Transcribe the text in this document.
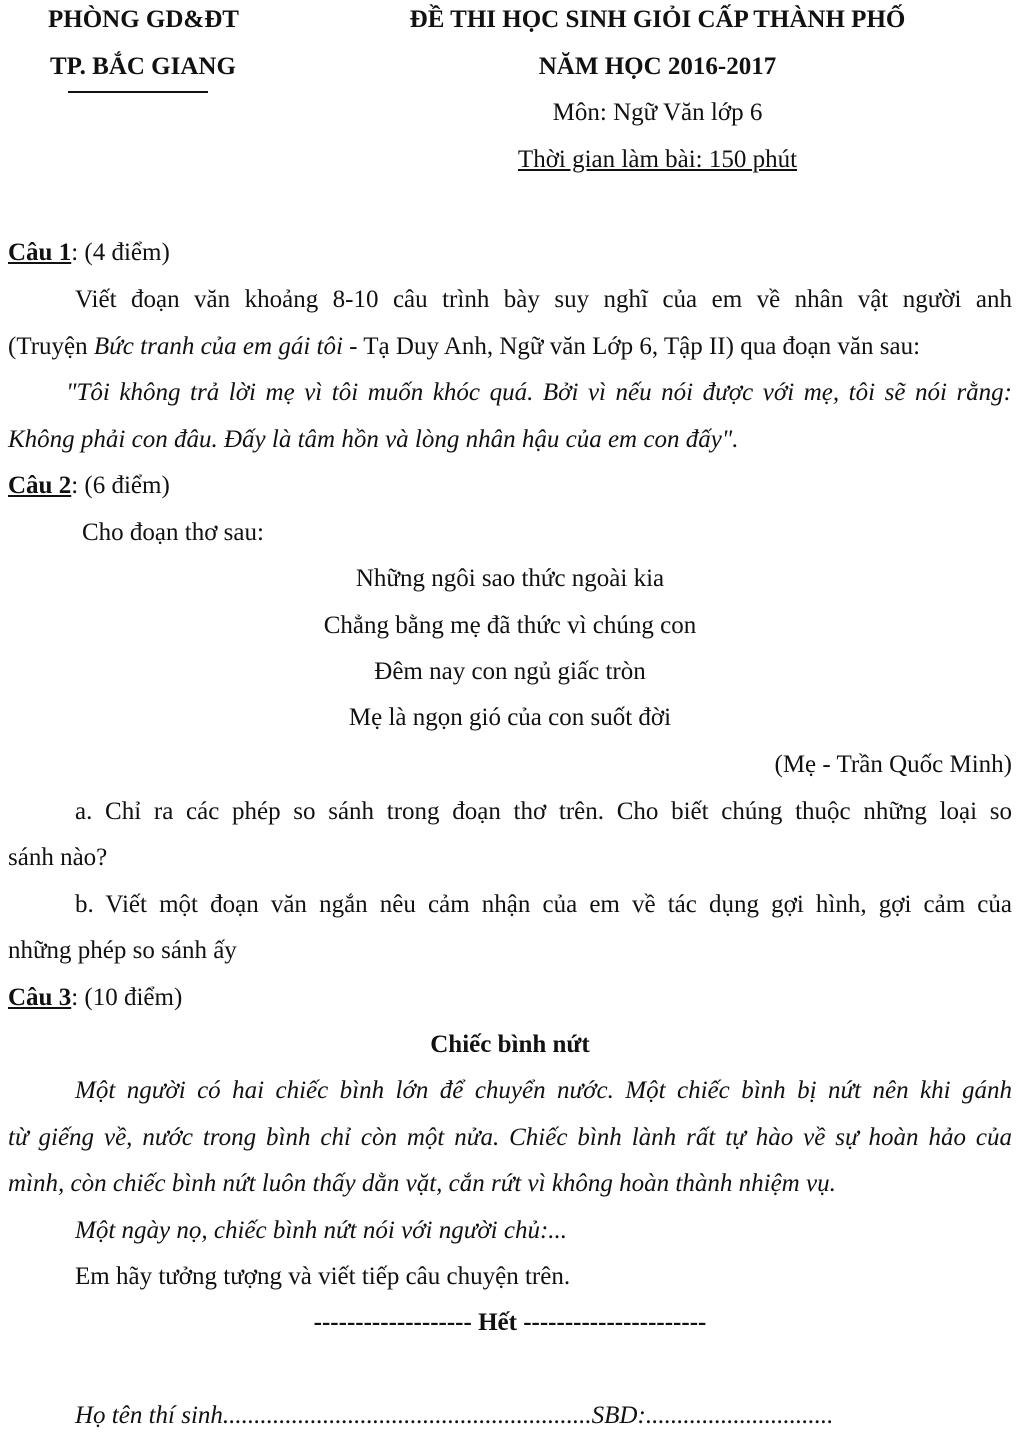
PHÒNG GD&ĐT
TP. BẮC GIANG
ĐỀ THI HỌC SINH GIỎI CẤP THÀNH PHỐ
NĂM HỌC 2016-2017
Môn: Ngữ Văn lớp 6
Thời gian làm bài: 150 phút
Câu 1: (4 điểm)
Viết đoạn văn khoảng 8-10 câu trình bày suy nghĩ của em về nhân vật người anh
(Truyện Bức tranh của em gái tôi - Tạ Duy Anh, Ngữ văn Lớp 6, Tập II) qua đoạn văn sau:
"Tôi không trả lời mẹ vì tôi muốn khóc quá. Bởi vì nếu nói được với mẹ, tôi sẽ nói rằng:
Không phải con đâu. Đấy là tâm hồn và lòng nhân hậu của em con đấy".
Câu 2: (6 điểm)
Cho đoạn thơ sau:
Những ngôi sao thức ngoài kia
Chẳng bằng mẹ đã thức vì chúng con
Đêm nay con ngủ giấc tròn
Mẹ là ngọn gió của con suốt đời
(Mẹ - Trần Quốc Minh)
a. Chỉ ra các phép so sánh trong đoạn thơ trên. Cho biết chúng thuộc những loại so
sánh nào?
b. Viết một đoạn văn ngắn nêu cảm nhận của em về tác dụng gợi hình, gợi cảm của
những phép so sánh ấy
Câu 3: (10 điểm)
Chiếc bình nứt
Một người có hai chiếc bình lớn để chuyển nước. Một chiếc bình bị nứt nên khi gánh
từ giếng về, nước trong bình chỉ còn một nửa. Chiếc bình lành rất tự hào về sự hoàn hảo của
mình, còn chiếc bình nứt luôn thấy dằn vặt, cắn rứt vì không hoàn thành nhiệm vụ.
Một ngày nọ, chiếc bình nứt nói với người chủ:...
Em hãy tưởng tượng và viết tiếp câu chuyện trên.
------------------- Hết ----------------------
Họ tên thí sinh...........................................................SBD:..............................
